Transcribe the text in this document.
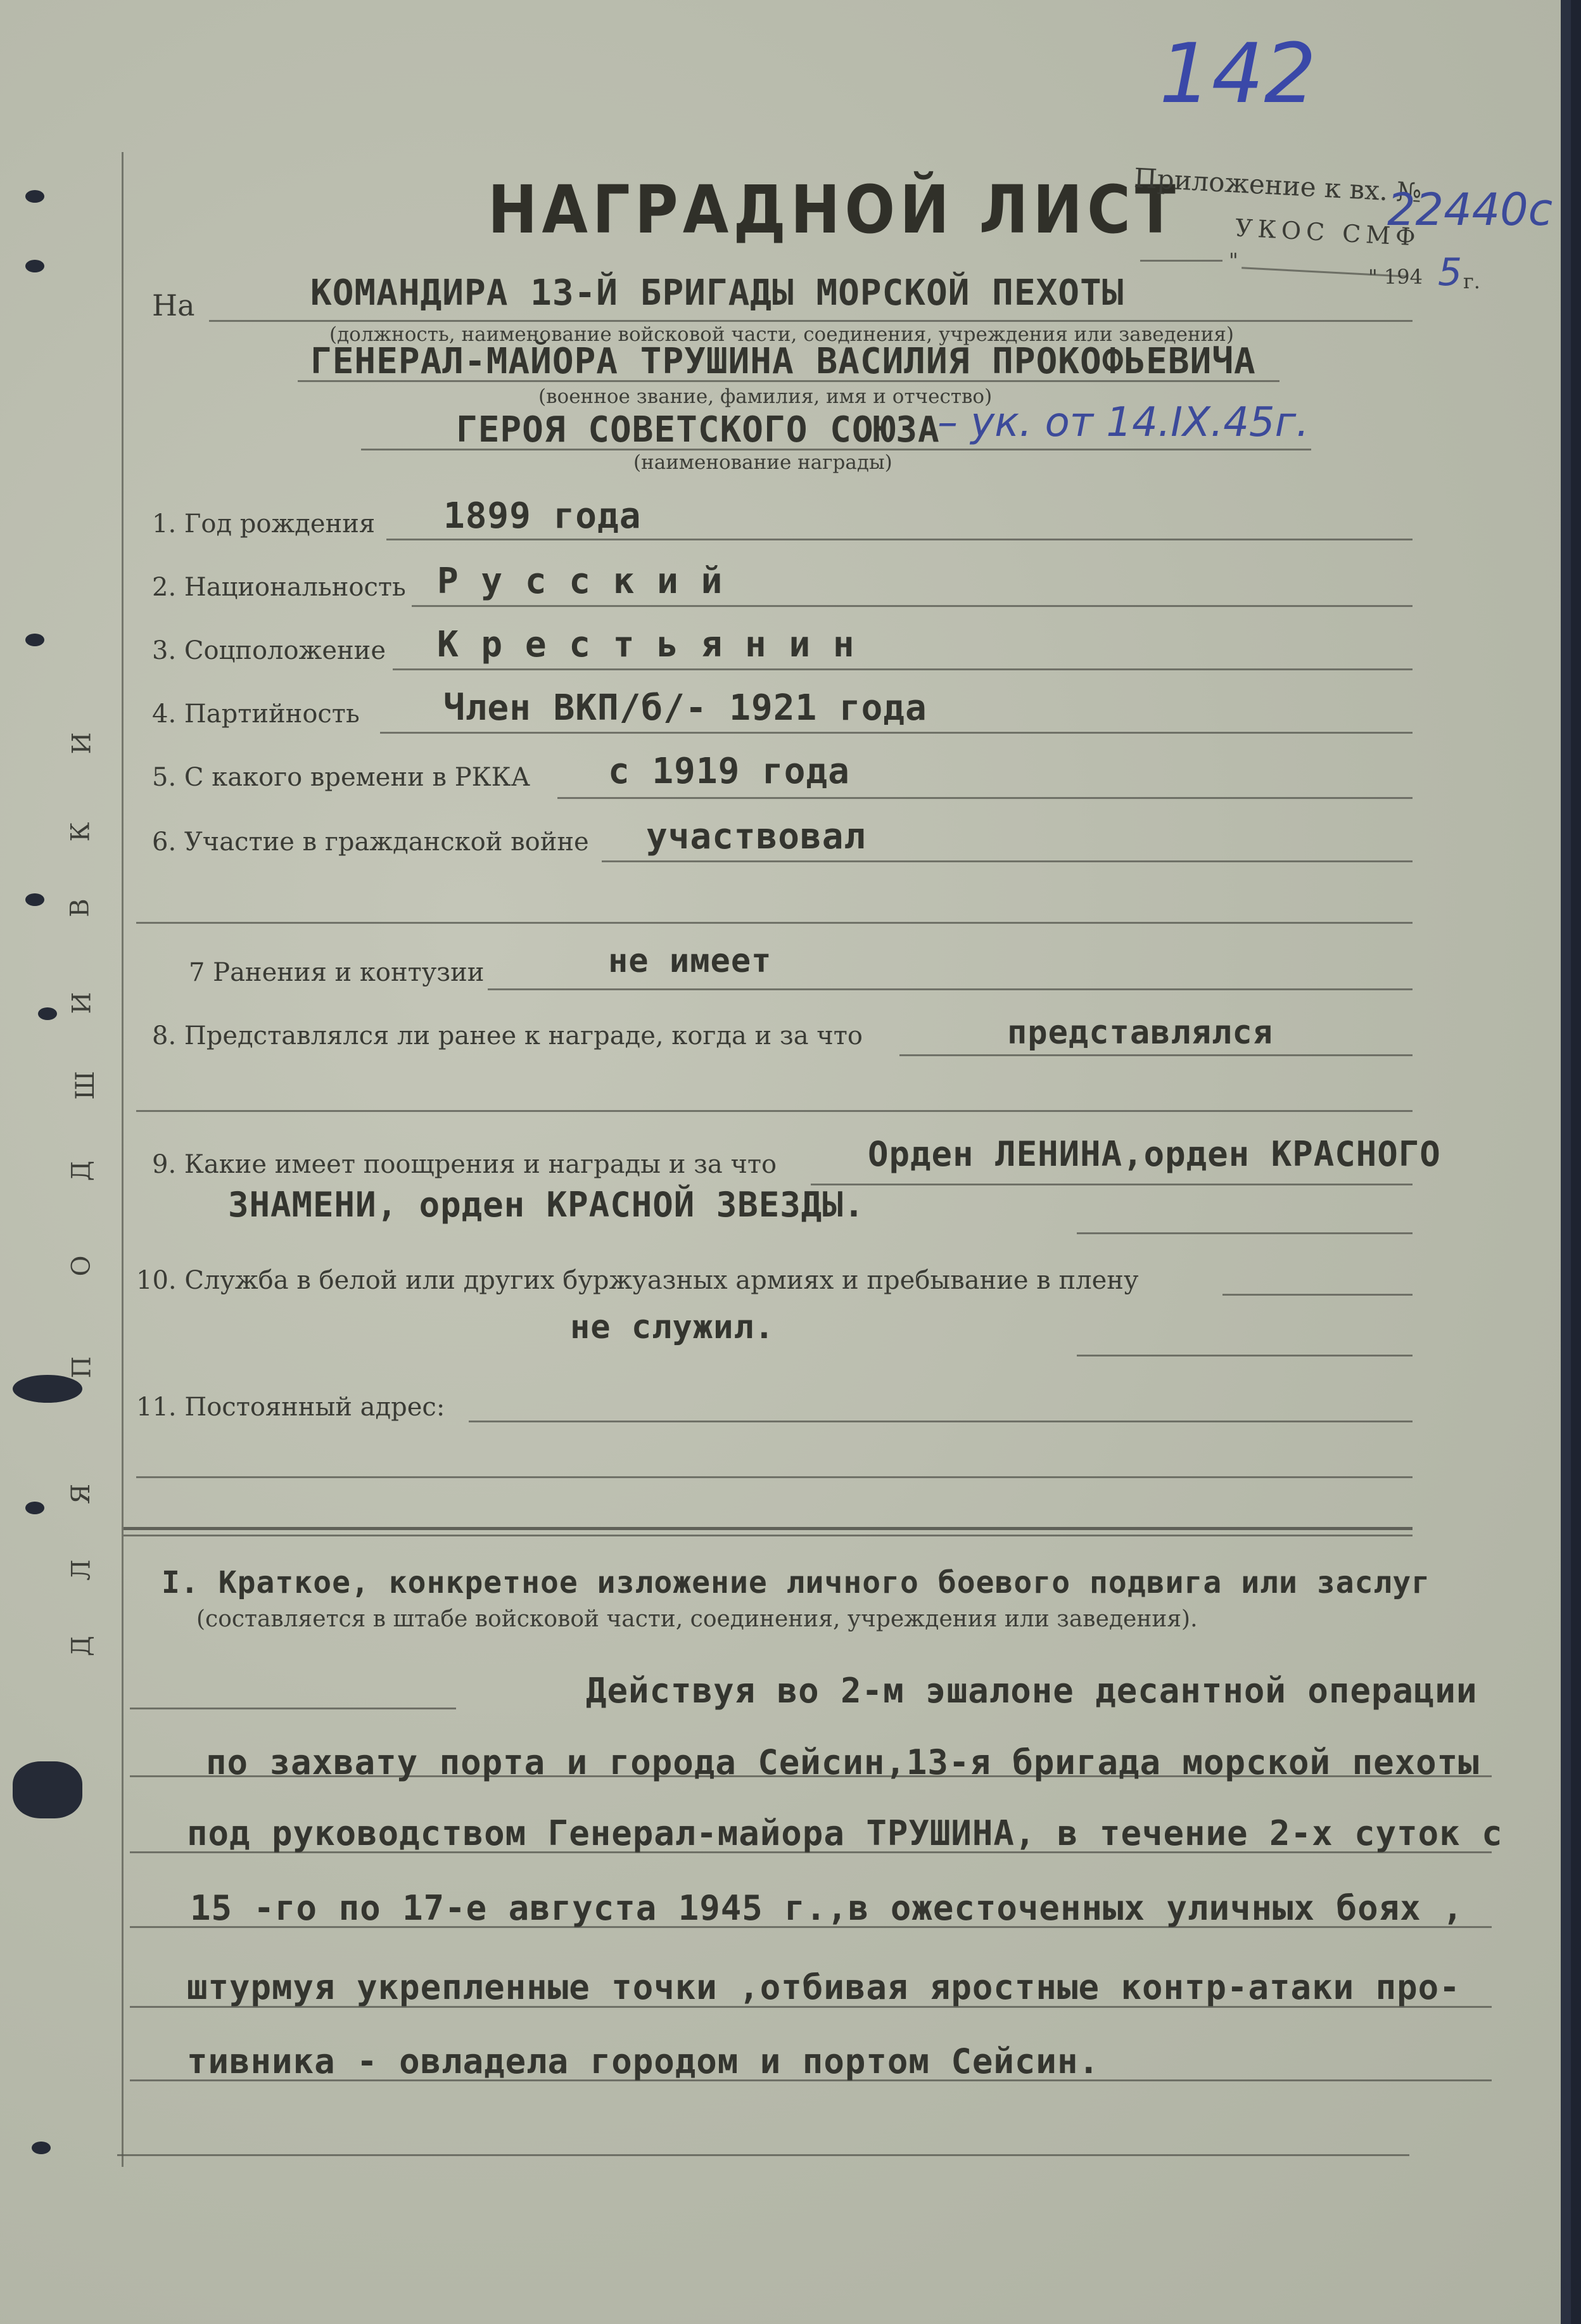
Д
Л
Я
П
О
Д
Ш
И
В
К
И
142
НАГРАДНОЙ ЛИСТ
Приложение к вх. №
22440с
УКОС СМФ
"
" 194 5 г.
На	КОМАНДИРА 13-Й БРИГАДЫ МОРСКОЙ ПЕХОТЫ
(должность, наименование войсковой части, соединения, учреждения или заведения)
ГЕНЕРАЛ-МАЙОРА ТРУШИНА ВАСИЛИЯ ПРОКОФЬЕВИЧА
(военное звание, фамилия, имя и отчество)
ГЕРОЯ СОВЕТСКОГО СОЮЗА
– ук. от 14.IX.45г.
(наименование награды)
1. Год рождения 1899 года
2. Национальность Р у с с к и й
3. Соцположение К р е с т ь я н и н
4. Партийность Член ВКП/б/- 1921 года
5. С какого времени в РККА с 1919 года
6. Участие в гражданской войне участвовал
7 Ранения и контузии	не имеет
8. Представлялся ли ранее к награде, когда и за что	представлялся
9. Какие имеет поощрения и награды и за что	Орден ЛЕНИНА,орден КРАСНОГО
ЗНАМЕНИ, орден КРАСНОЙ ЗВЕЗДЫ.
10. Служба в белой или других буржуазных армиях и пребывание в плену
не служил.
11. Постоянный адрес:
I. Краткое, конкретное изложение личного боевого подвига или заслуг
(составляется в штабе войсковой части, соединения, учреждения или заведения).
Действуя во 2-м эшалоне десантной операции
по захвату порта и города Сейсин,13-я бригада морской пехоты
под руководством Генерал-майора ТРУШИНА, в течение 2-х суток с
15 -го по 17-е августа 1945 г.,в ожесточенных уличных боях ,
штурмуя укрепленные точки ,отбивая яростные контр-атаки про-
тивника - овладела городом и портом Сейсин.
